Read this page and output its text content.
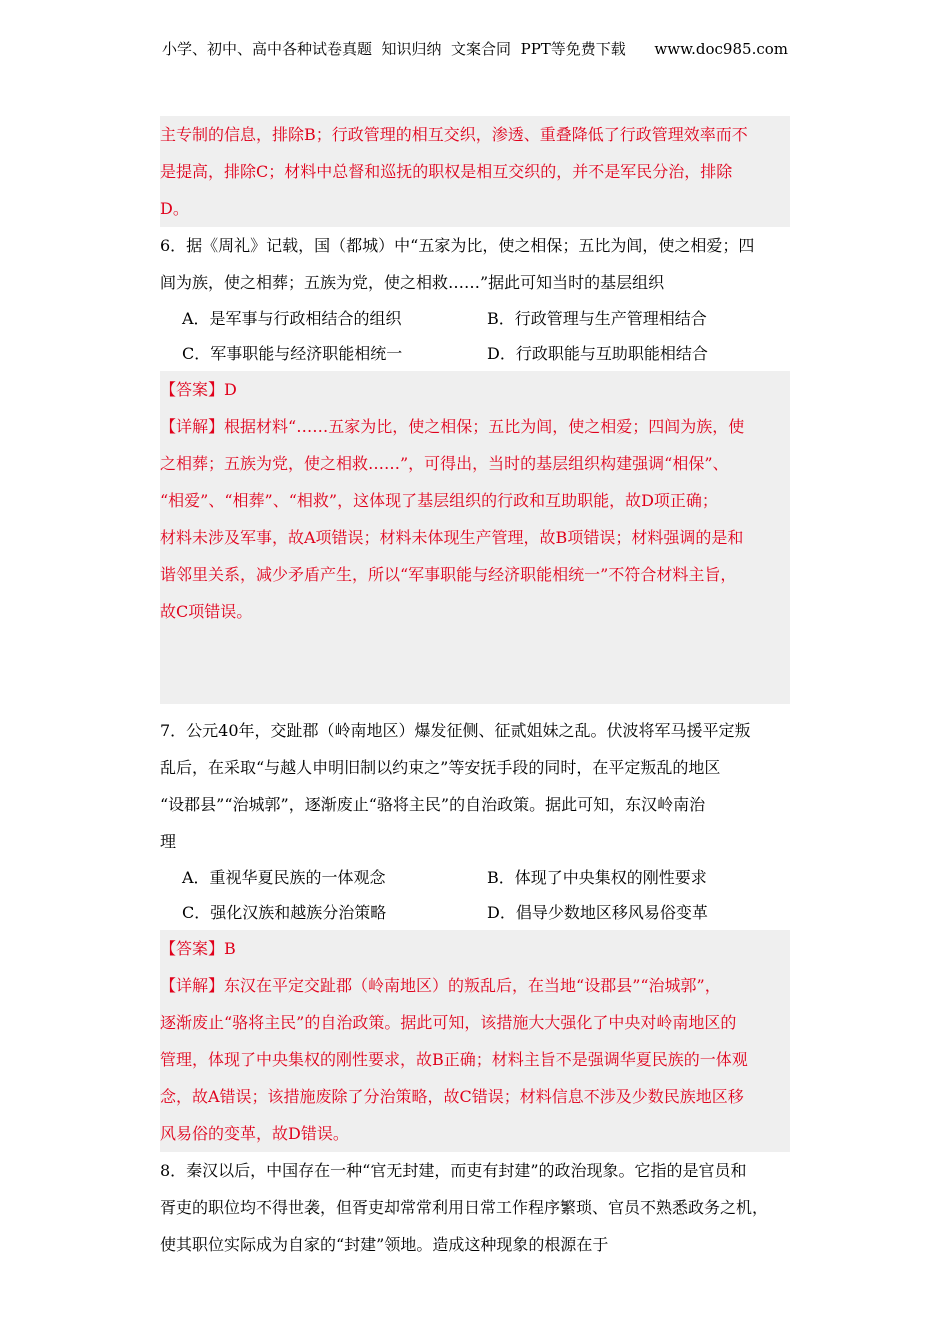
小学、初中、高中各种试卷真题  知识归纳  文案合同  PPT等免费下载      www.doc985.com
主专制的信息，排除B；行政管理的相互交织，渗透、重叠降低了行政管理效率而不
是提高，排除C；材料中总督和巡抚的职权是相互交织的，并不是军民分治，排除
D。
6．据《周礼》记载，国（都城）中“五家为比，使之相保；五比为闾，使之相爱；四
闾为族，使之相葬；五族为党，使之相救……”据此可知当时的基层组织
A．是军事与行政相结合的组织	B．行政管理与生产管理相结合
C．军事职能与经济职能相统一	D．行政职能与互助职能相结合
【答案】D
【详解】根据材料“……五家为比，使之相保；五比为闾，使之相爱；四闾为族，使
之相葬；五族为党，使之相救……”，可得出，当时的基层组织构建强调“相保”、
“相爱”、“相葬”、“相救”，这体现了基层组织的行政和互助职能，故D项正确；
材料未涉及军事，故A项错误；材料未体现生产管理，故B项错误；材料强调的是和
谐邻里关系，减少矛盾产生，所以“军事职能与经济职能相统一”不符合材料主旨，
故C项错误。
7．公元40年，交趾郡（岭南地区）爆发征侧、征贰姐妹之乱。伏波将军马援平定叛
乱后，在采取“与越人申明旧制以约束之”等安抚手段的同时，在平定叛乱的地区
“设郡县”“治城郭”，逐渐废止“骆将主民”的自治政策。据此可知，东汉岭南治
理
A．重视华夏民族的一体观念	B．体现了中央集权的刚性要求
C．强化汉族和越族分治策略	D．倡导少数地区移风易俗变革
【答案】B
【详解】东汉在平定交趾郡（岭南地区）的叛乱后，在当地“设郡县”“治城郭”，
逐渐废止“骆将主民”的自治政策。据此可知，该措施大大强化了中央对岭南地区的
管理，体现了中央集权的刚性要求，故B正确；材料主旨不是强调华夏民族的一体观
念，故A错误；该措施废除了分治策略，故C错误；材料信息不涉及少数民族地区移
风易俗的变革，故D错误。
8．秦汉以后，中国存在一种“官无封建，而吏有封建”的政治现象。它指的是官员和
胥吏的职位均不得世袭，但胥吏却常常利用日常工作程序繁琐、官员不熟悉政务之机，
使其职位实际成为自家的“封建”领地。造成这种现象的根源在于
